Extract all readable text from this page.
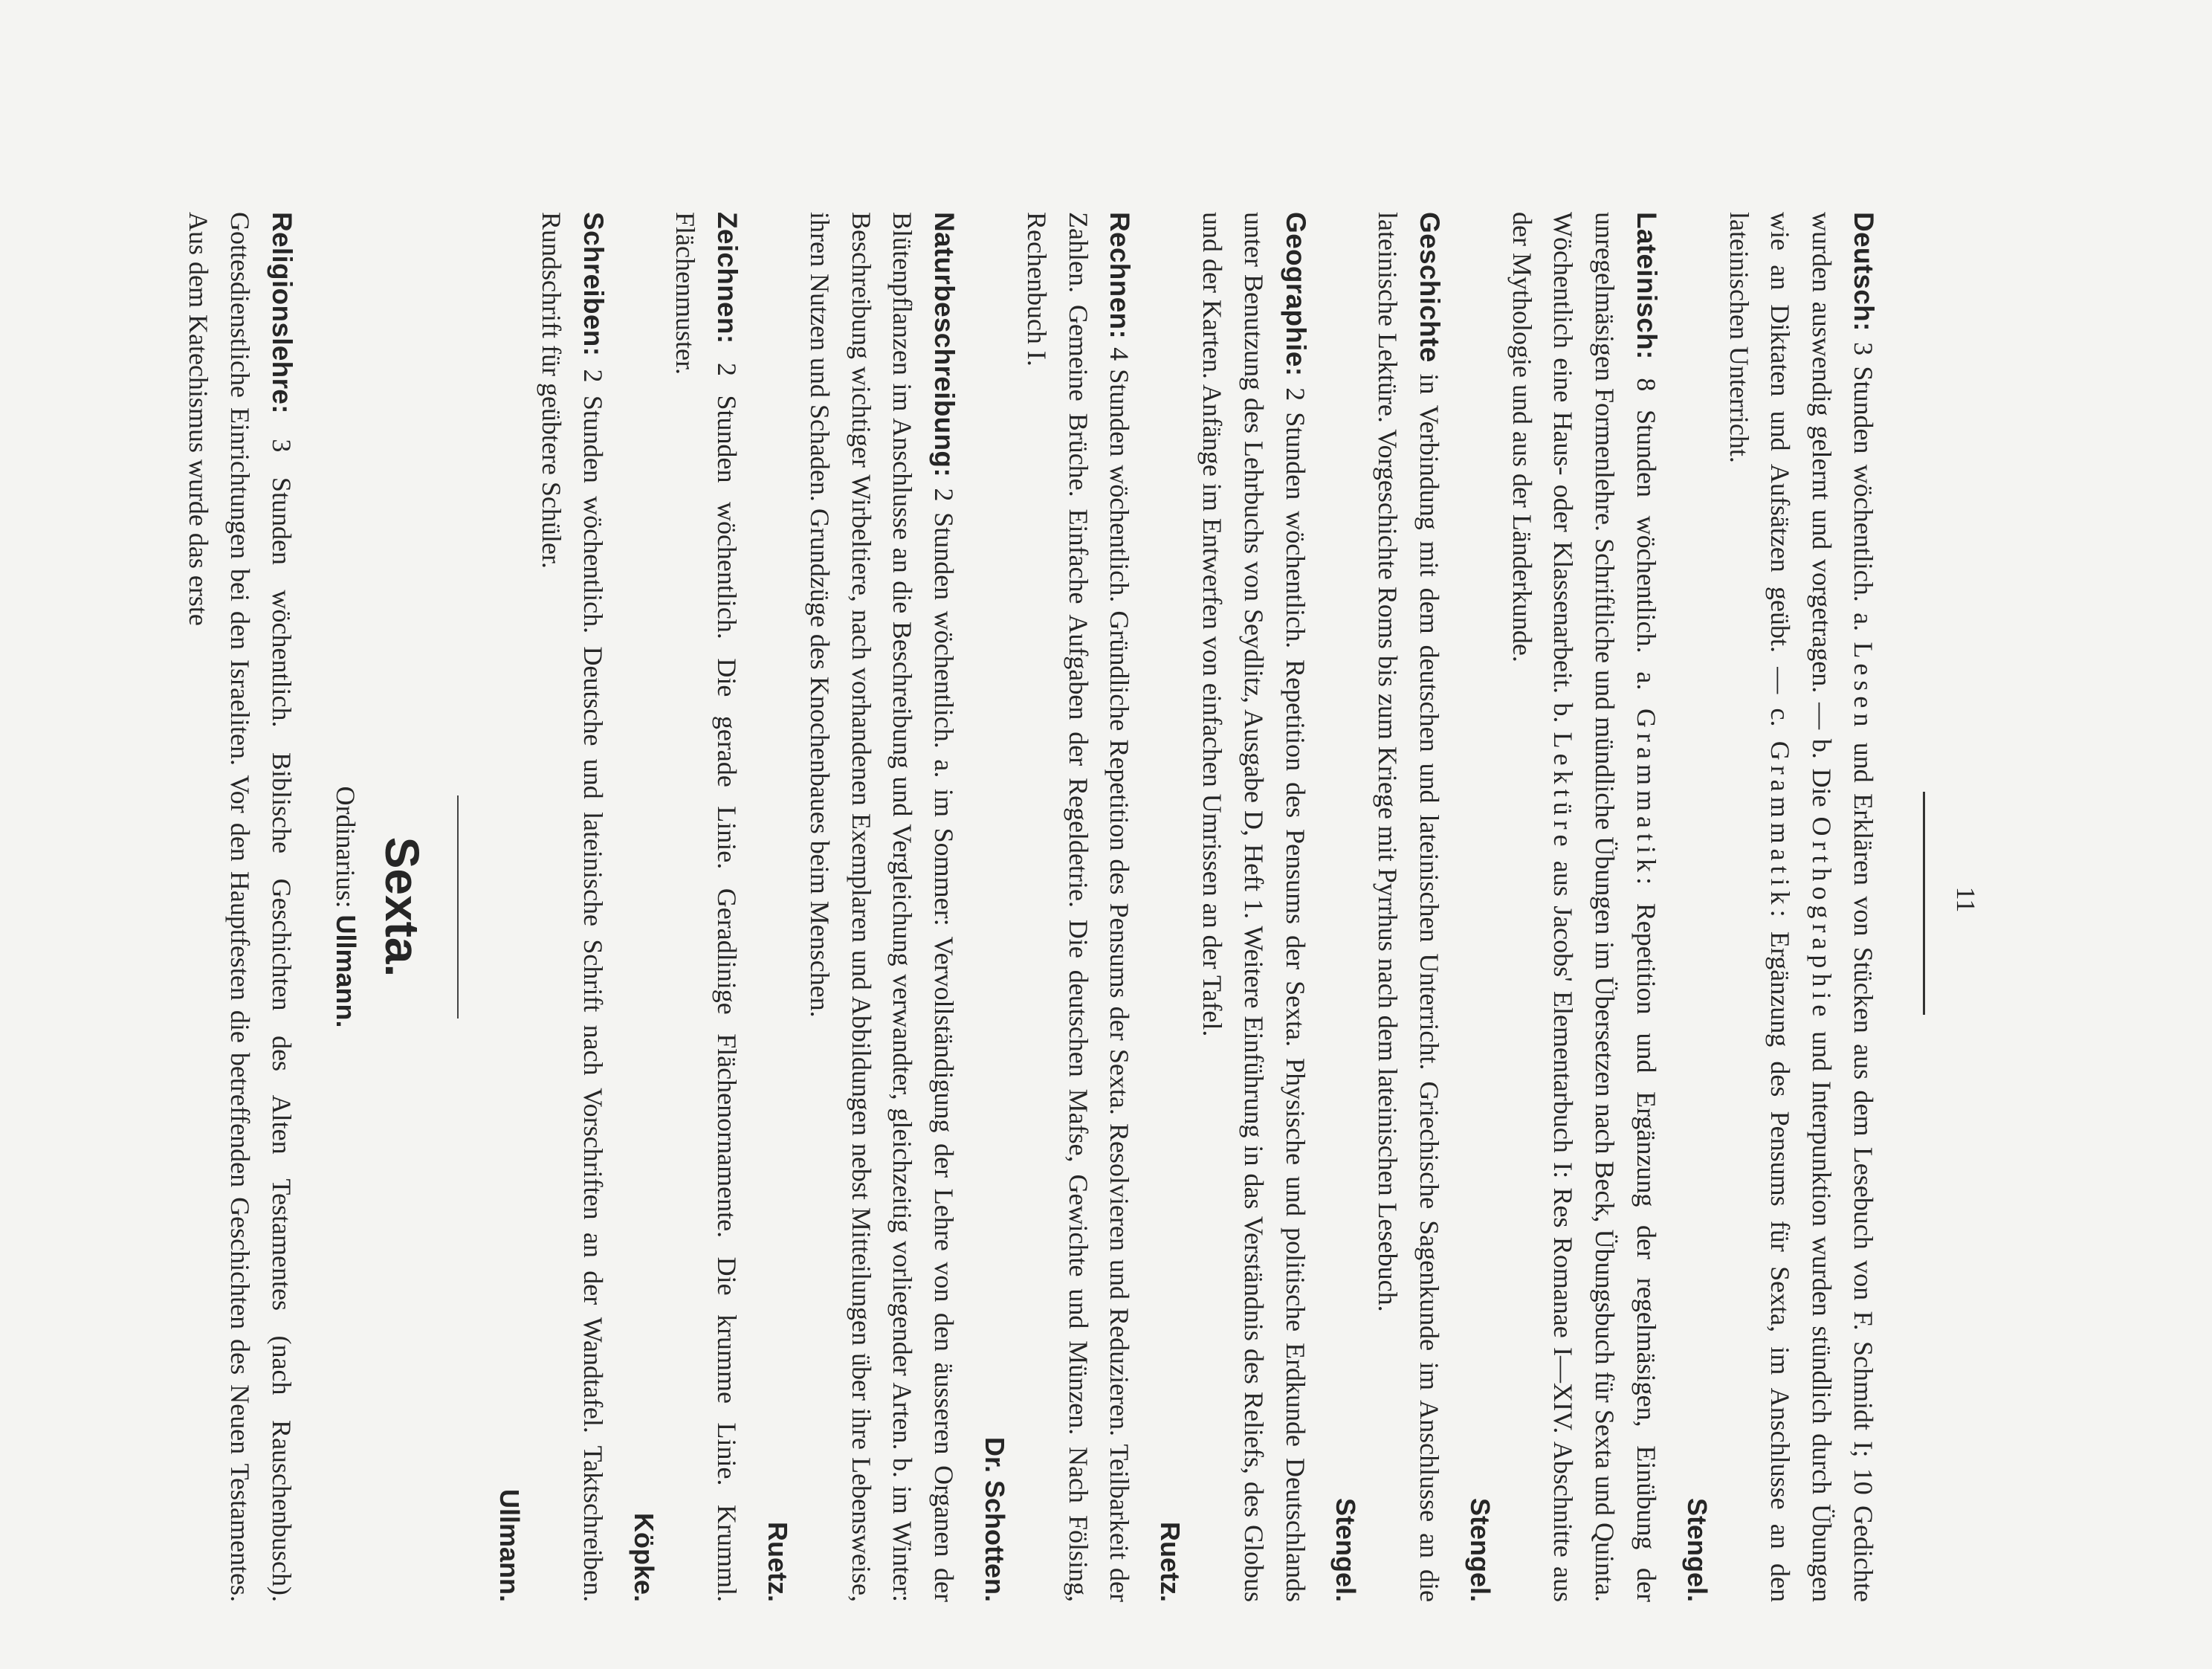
11

Deutsch: 3 Stunden wöchentlich. a. Lesen und Erklären von Stücken aus dem Lesebuch von F. Schmidt I; 10 Gedichte wurden auswendig gelernt und vorgetragen. — b. Die Orthographie und Interpunktion wurden stündlich durch Übungen wie an Diktaten und Aufsätzen geübt. — c. Grammatik: Ergänzung des Pensums für Sexta, im Anschlusse an den lateinischen Unterricht.
Stengel.

Lateinisch: 8 Stunden wöchentlich. a. Grammatik: Repetition und Ergänzung der regelmäsigen, Einübung der unregelmäsigen Formenlehre. Schriftliche und mündliche Übungen im Übersetzen nach Beck, Übungsbuch für Sexta und Quinta. Wöchentlich eine Haus- oder Klassenarbeit. b. Lektüre aus Jacobs' Elementarbuch I: Res Romanae I—XIV. Abschnitte aus der Mythologie und aus der Länderkunde.
Stengel.

Geschichte in Verbindung mit dem deutschen und lateinischen Unterricht. Griechische Sagenkunde im Anschlusse an die lateinische Lektüre. Vorgeschichte Roms bis zum Kriege mit Pyrrhus nach dem lateinischen Lesebuch.
Stengel.

Geographie: 2 Stunden wöchentlich. Repetition des Pensums der Sexta. Physische und politische Erdkunde Deutschlands unter Benutzung des Lehrbuchs von Seydlitz, Ausgabe D, Heft 1. Weitere Einführung in das Verständnis des Reliefs, des Globus und der Karten. Anfänge im Entwerfen von einfachen Umrissen an der Tafel.
Ruetz.

Rechnen: 4 Stunden wöchentlich. Gründliche Repetition des Pensums der Sexta. Resolvieren und Reduzieren. Teilbarkeit der Zahlen. Gemeine Brüche. Einfache Aufgaben der Regeldetrie. Die deutschen Mafse, Gewichte und Münzen. Nach Fölsing, Rechenbuch I.
Dr. Schotten.

Naturbeschreibung: 2 Stunden wöchentlich. a. im Sommer: Vervollständigung der Lehre von den äusseren Organen der Blütenpflanzen im Anschlusse an die Beschreibung und Vergleichung verwandter, gleichzeitig vorliegender Arten. b. im Winter: Beschreibung wichtiger Wirbeltiere, nach vorhandenen Exemplaren und Abbildungen nebst Mitteilungen über ihre Lebensweise, ihren Nutzen und Schaden. Grundzüge des Knochenbaues beim Menschen.
Ruetz.

Zeichnen: 2 Stunden wöchentlich. Die gerade Linie. Geradlinige Flächenornamente. Die krumme Linie. Krumml. Flächenmuster.
Köpke.

Schreiben: 2 Stunden wöchentlich. Deutsche und lateinische Schrift nach Vorschriften an der Wandtafel. Taktschreiben. Rundschrift für geübtere Schüler.
Ullmann.

Sexta.
Ordinarius: Ullmann.

Religionslehre: 3 Stunden wöchentlich. Biblische Geschichten des Alten Testamentes (nach Rauschenbusch). Gottesdienstliche Einrichtungen bei den Israeliten. Vor den Hauptfesten die betreffenden Geschichten des Neuen Testamentes. Aus dem Katechismus wurde das erste
